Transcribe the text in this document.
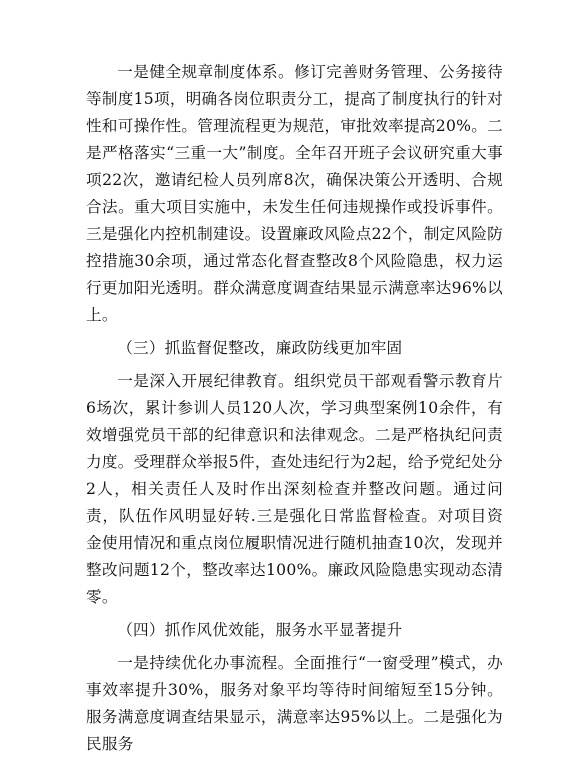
一是健全规章制度体系。修订完善财务管理、公务接待等制度15项，明确各岗位职责分工，提高了制度执行的针对性和可操作性。管理流程更为规范，审批效率提高20%。二是严格落实“三重一大”制度。全年召开班子会议研究重大事项22次，邀请纪检人员列席8次，确保决策公开透明、合规合法。重大项目实施中，未发生任何违规操作或投诉事件。三是强化内控机制建设。设置廉政风险点22个，制定风险防控措施30余项，通过常态化督查整改8个风险隐患，权力运行更加阳光透明。群众满意度调查结果显示满意率达96%以上。

（三）抓监督促整改，廉政防线更加牢固

一是深入开展纪律教育。组织党员干部观看警示教育片6场次，累计参训人员120人次，学习典型案例10余件，有效增强党员干部的纪律意识和法律观念。二是严格执纪问责力度。受理群众举报5件，查处违纪行为2起，给予党纪处分2人，相关责任人及时作出深刻检查并整改问题。通过问责，队伍作风明显好转.三是强化日常监督检查。对项目资金使用情况和重点岗位履职情况进行随机抽查10次，发现并整改问题12个，整改率达100%。廉政风险隐患实现动态清零。

（四）抓作风优效能，服务水平显著提升

一是持续优化办事流程。全面推行“一窗受理”模式，办事效率提升30%，服务对象平均等待时间缩短至15分钟。服务满意度调查结果显示，满意率达95%以上。二是强化为民服务
